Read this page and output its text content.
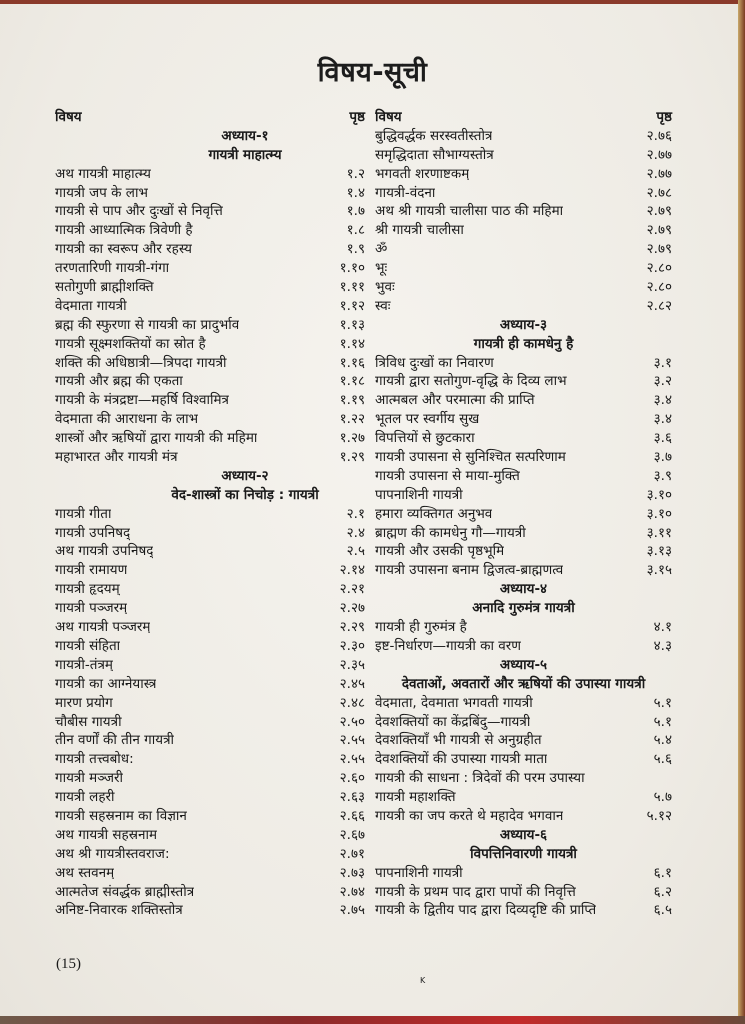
विषय-सूची
विषय	पृष्ठ
अध्याय-१
गायत्री माहात्म्य
अथ गायत्री माहात्म्य	१.२
गायत्री जप के लाभ	१.४
गायत्री से पाप और दुःखों से निवृत्ति	१.७
गायत्री आध्यात्मिक त्रिवेणी है	१.८
गायत्री का स्वरूप और रहस्य	१.९
तरणतारिणी गायत्री-गंगा	१.१०
सतोगुणी ब्राह्मीशक्ति	१.११
वेदमाता गायत्री	१.१२
ब्रह्म की स्फुरणा से गायत्री का प्रादुर्भाव	१.१३
गायत्री सूक्ष्मशक्तियों का स्रोत है	१.१४
शक्ति की अधिष्ठात्री—त्रिपदा गायत्री	१.१६
गायत्री और ब्रह्म की एकता	१.१८
गायत्री के मंत्रद्रष्टा—महर्षि विश्वामित्र	१.१९
वेदमाता की आराधना के लाभ	१.२२
शास्त्रों और ऋषियों द्वारा गायत्री की महिमा	१.२७
महाभारत और गायत्री मंत्र	१.२९
अध्याय-२
वेद-शास्त्रों का निचोड़ : गायत्री
गायत्री गीता	२.१
गायत्री उपनिषद्	२.४
अथ गायत्री उपनिषद्	२.५
गायत्री रामायण	२.१४
गायत्री हृदयम्	२.२१
गायत्री पञ्जरम्	२.२७
अथ गायत्री पञ्जरम्	२.२९
गायत्री संहिता	२.३०
गायत्री-तंत्रम्	२.३५
गायत्री का आग्नेयास्त्र	२.४५
मारण प्रयोग	२.४८
चौबीस गायत्री	२.५०
तीन वर्णों की तीन गायत्री	२.५५
गायत्री तत्त्वबोध:	२.५५
गायत्री मञ्जरी	२.६०
गायत्री लहरी	२.६३
गायत्री सहस्रनाम का विज्ञान	२.६६
अथ गायत्री सहस्रनाम	२.६७
अथ श्री गायत्रीस्तवराज:	२.७१
अथ स्तवनम्	२.७३
आत्मतेज संवर्द्धक ब्राह्मीस्तोत्र	२.७४
अनिष्ट-निवारक शक्तिस्तोत्र	२.७५
विषय	पृष्ठ
बुद्धिवर्द्धक सरस्वतीस्तोत्र	२.७६
समृद्धिदाता सौभाग्यस्तोत्र	२.७७
भगवती शरणाष्टकम्	२.७७
गायत्री-वंदना	२.७८
अथ श्री गायत्री चालीसा पाठ की महिमा	२.७९
श्री गायत्री चालीसा	२.७९
ॐ	२.७९
भूः	२.८०
भुवः	२.८०
स्वः	२.८२
अध्याय-३
गायत्री ही कामधेनु है
त्रिविध दुःखों का निवारण	३.१
गायत्री द्वारा सतोगुण-वृद्धि के दिव्य लाभ	३.२
आत्मबल और परमात्मा की प्राप्ति	३.४
भूतल पर स्वर्गीय सुख	३.४
विपत्तियों से छुटकारा	३.६
गायत्री उपासना से सुनिश्चित सत्परिणाम	३.७
गायत्री उपासना से माया-मुक्ति	३.९
पापनाशिनी गायत्री	३.१०
हमारा व्यक्तिगत अनुभव	३.१०
ब्राह्मण की कामधेनु गौ—गायत्री	३.११
गायत्री और उसकी पृष्ठभूमि	३.१३
गायत्री उपासना बनाम द्विजत्व-ब्राह्मणत्व	३.१५
अध्याय-४
अनादि गुरुमंत्र गायत्री
गायत्री ही गुरुमंत्र है	४.१
इष्ट-निर्धारण—गायत्री का वरण	४.३
अध्याय-५
देवताओं, अवतारों और ऋषियों की उपास्या गायत्री
वेदमाता, देवमाता भगवती गायत्री	५.१
देवशक्तियों का केंद्रबिंदु—गायत्री	५.१
देवशक्तियाँ भी गायत्री से अनुग्रहीत	५.४
देवशक्तियों की उपास्या गायत्री माता	५.६
गायत्री की साधना : त्रिदेवों की परम उपास्या
गायत्री महाशक्ति	५.७
गायत्री का जप करते थे महादेव भगवान	५.१२
अध्याय-६
विपत्तिनिवारणी गायत्री
पापनाशिनी गायत्री	६.१
गायत्री के प्रथम पाद द्वारा पापों की निवृत्ति	६.२
गायत्री के द्वितीय पाद द्वारा दिव्यदृष्टि की प्राप्ति	६.५
(15)
K
